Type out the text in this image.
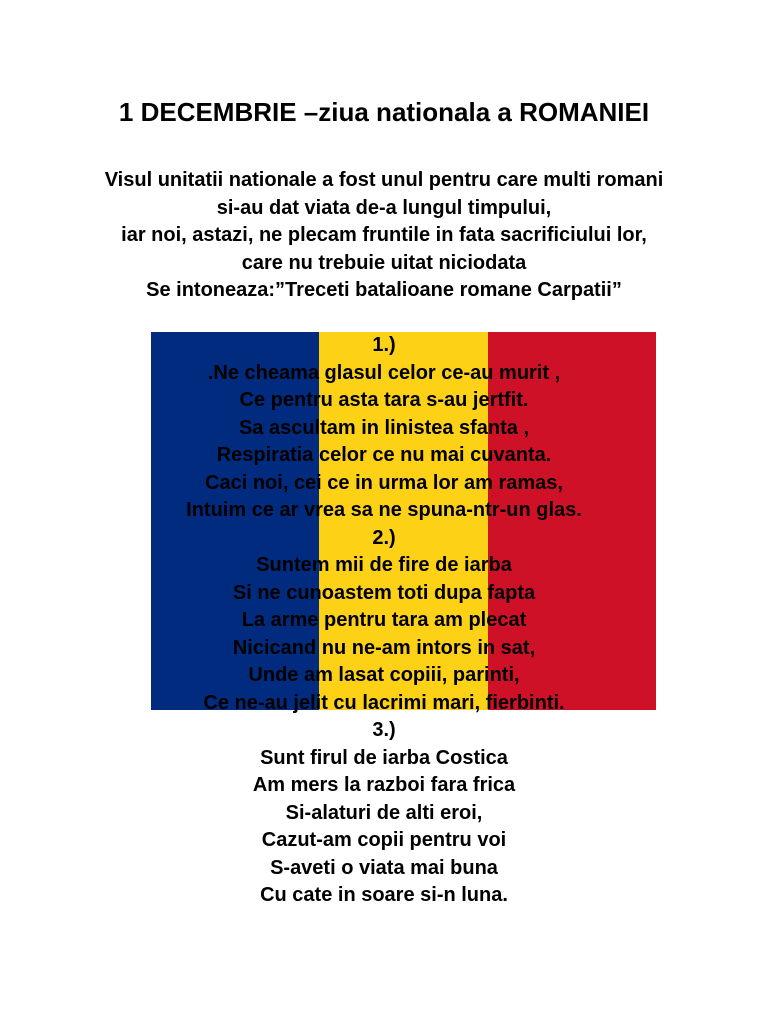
1 DECEMBRIE –ziua nationala a ROMANIEI
Visul unitatii nationale a fost unul pentru care multi romani
si-au dat viata de-a lungul timpului,
iar noi, astazi, ne plecam fruntile in fata sacrificiului lor,
care nu trebuie uitat niciodata
Se intoneaza:”Treceti batalioane romane Carpatii”
1.)
.Ne cheama glasul celor ce-au murit ,
Ce pentru asta tara s-au jertfit.
Sa ascultam in linistea sfanta ,
Respiratia celor ce nu mai cuvanta.
Caci noi, cei ce in urma lor am ramas,
Intuim ce ar vrea sa ne spuna-ntr-un glas.
2.)
Suntem mii de fire de iarba
Si ne cunoastem toti dupa fapta
La arme pentru tara am plecat
Nicicand nu ne-am intors in sat,
Unde am lasat copiii, parinti,
Ce ne-au jelit cu lacrimi mari, fierbinti.
3.)
Sunt firul de iarba Costica
Am mers la razboi fara frica
Si-alaturi de alti eroi,
Cazut-am copii pentru voi
S-aveti o viata mai buna
Cu cate in soare si-n luna.
